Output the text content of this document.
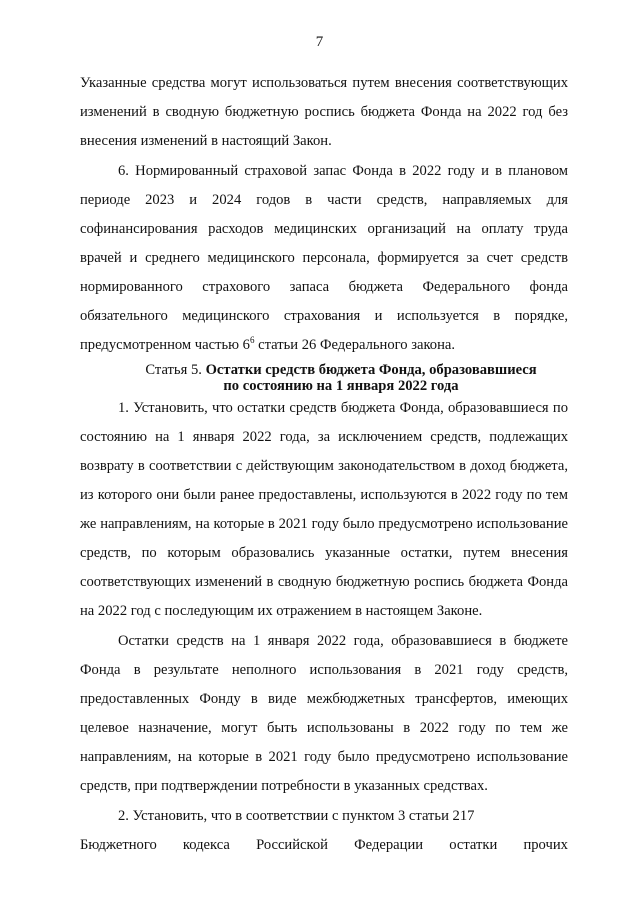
7

Указанные средства могут использоваться путем внесения соответствующих изменений в сводную бюджетную роспись бюджета Фонда на 2022 год без внесения изменений в настоящий Закон.

6. Нормированный страховой запас Фонда в 2022 году и в плановом периоде 2023 и 2024 годов в части средств, направляемых для софинансирования расходов медицинских организаций на оплату труда врачей и среднего медицинского персонала, формируется за счет средств нормированного страхового запаса бюджета Федерального фонда обязательного медицинского страхования и используется в порядке, предусмотренном частью $6^6$ статьи 26 Федерального закона.

Статья 5. Остатки средств бюджета Фонда, образовавшиеся
по состоянию на 1 января 2022 года

1. Установить, что остатки средств бюджета Фонда, образовавшиеся по состоянию на 1 января 2022 года, за исключением средств, подлежащих возврату в соответствии с действующим законодательством в доход бюджета, из которого они были ранее предоставлены, используются в 2022 году по тем же направлениям, на которые в 2021 году было предусмотрено использование средств, по которым образовались указанные остатки, путем внесения соответствующих изменений в сводную бюджетную роспись бюджета Фонда на 2022 год с последующим их отражением в настоящем Законе.

Остатки средств на 1 января 2022 года, образовавшиеся в бюджете Фонда в результате неполного использования в 2021 году средств, предоставленных Фонду в виде межбюджетных трансфертов, имеющих целевое назначение, могут быть использованы в 2022 году по тем же направлениям, на которые в 2021 году было предусмотрено использование средств, при подтверждении потребности в указанных средствах.

2. Установить, что в соответствии с пунктом 3 статьи 217

Бюджетного кодекса Российской Федерации остатки прочих
